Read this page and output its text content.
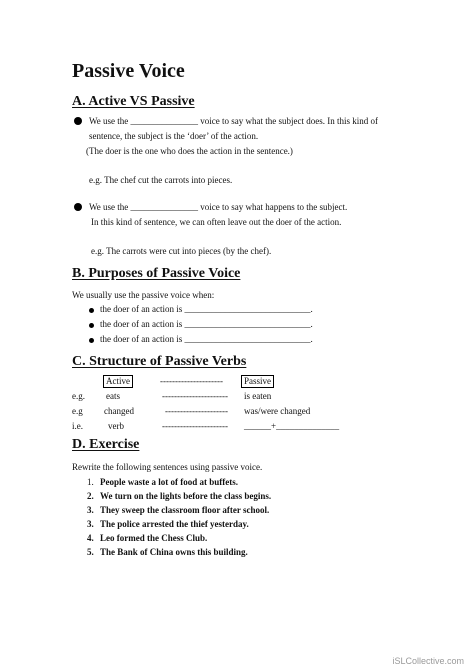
Passive Voice
A. Active VS Passive
We use the _______________ voice to say what the subject does. In this kind of
sentence, the subject is the ‘doer’ of the action.
(The doer is the one who does the action in the sentence.)
e.g. The chef cut the carrots into pieces.
We use the _______________ voice to say what happens to the subject.
In this kind of sentence, we can often leave out the doer of the action.
e.g. The carrots were cut into pieces (by the chef).
B. Purposes of Passive Voice
We usually use the passive voice when:
the doer of an action is ____________________________.
the doer of an action is ____________________________.
the doer of an action is ____________________________.
C. Structure of Passive Verbs
Active	---------------------	Passive
e.g. eats	---------------------- is eaten
e.g changed	--------------------- was/were changed
i.e.	verb	---------------------- ______+______________
D. Exercise
Rewrite the following sentences using passive voice.
1. People waste a lot of food at buffets.
2. We turn on the lights before the class begins.
3. They sweep the classroom floor after school.
3. The police arrested the thief yesterday.
4. Leo formed the Chess Club.
5. The Bank of China owns this building.
iSLCollective.com
